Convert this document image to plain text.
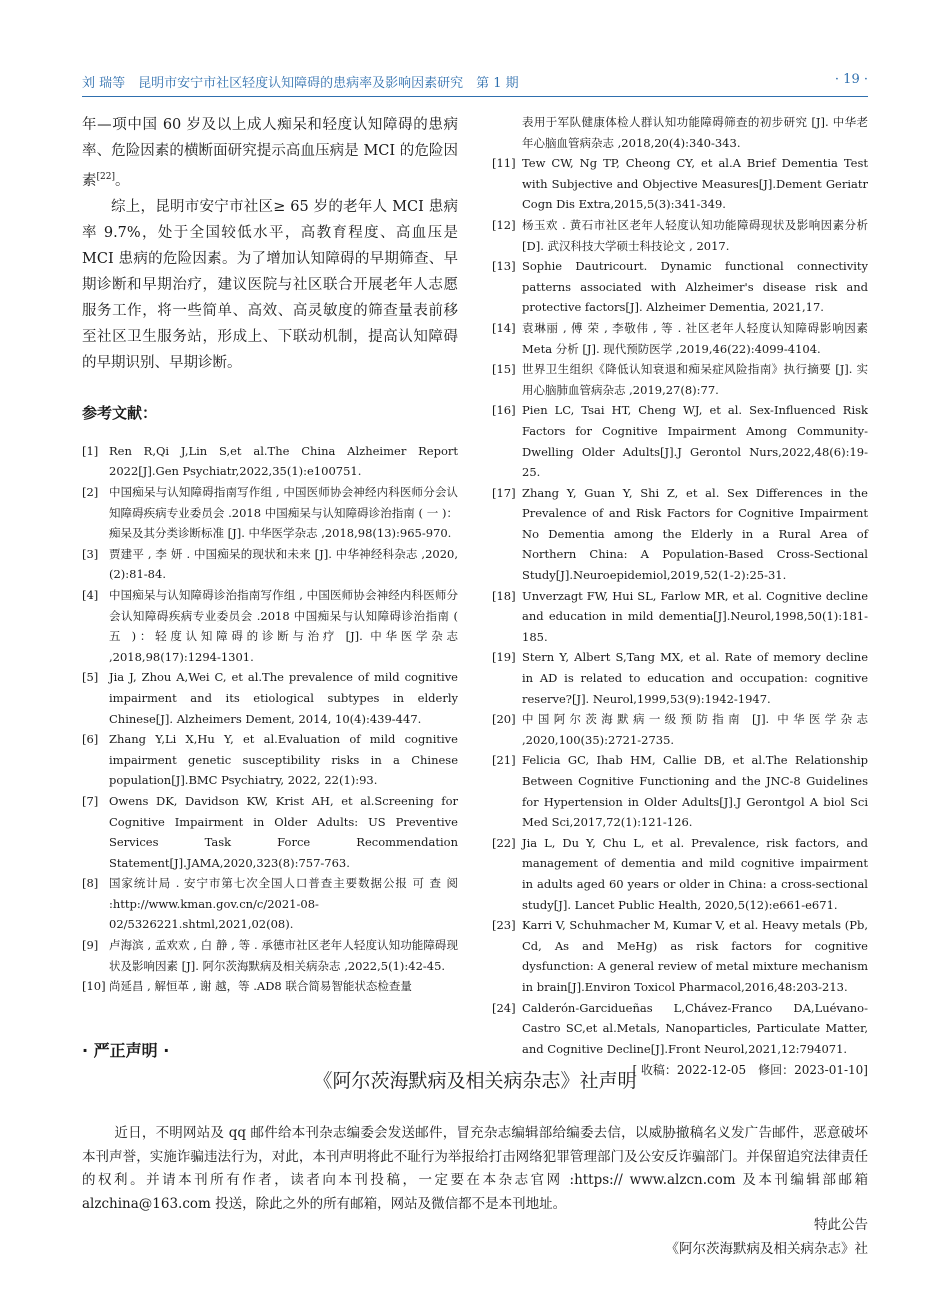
刘 瑞等　昆明市安宁市社区轻度认知障碍的患病率及影响因素研究　第 1 期	· 19 ·

年—项中国 60 岁及以上成人痴呆和轻度认知障碍的患病率、危险因素的横断面研究提示高血压病是 MCI 的危险因素[22]。

综上，昆明市安宁市社区≥ 65 岁的老年人 MCI 患病率 9.7%，处于全国较低水平，高教育程度、高血压是 MCI 患病的危险因素。为了增加认知障碍的早期筛查、早期诊断和早期治疗，建议医院与社区联合开展老年人志愿服务工作，将一些简单、高效、高灵敏度的筛查量表前移至社区卫生服务站，形成上、下联动机制，提高认知障碍的早期识别、早期诊断。

参考文献：

[1] Ren R,Qi J,Lin S,et al.The China Alzheimer Report 2022[J].Gen Psychiatr,2022,35(1):e100751.

[2] 中国痴呆与认知障碍指南写作组 , 中国医师协会神经内科医师分会认知障碍疾病专业委员会 .2018 中国痴呆与认知障碍诊治指南 ( 一 )：痴呆及其分类诊断标准 [J]. 中华医学杂志 ,2018,98(13):965-970.

[3] 贾建平 , 李 妍 . 中国痴呆的现状和未来 [J]. 中华神经科杂志 ,2020,(2):81-84.

[4] 中国痴呆与认知障碍诊治指南写作组 , 中国医师协会神经内科医师分会认知障碍疾病专业委员会 .2018 中国痴呆与认知障碍诊治指南 ( 五 )：轻度认知障碍的诊断与治疗 [J]. 中华医学杂志 ,2018,98(17):1294-1301.

[5] Jia J, Zhou A,Wei C, et al.The prevalence of mild cognitive impairment and its etiological subtypes in elderly Chinese[J]. Alzheimers Dement, 2014, 10(4):439-447.

[6] Zhang Y,Li X,Hu Y, et al.Evaluation of mild cognitive impairment genetic susceptibility risks in a Chinese population[J].BMC Psychiatry, 2022, 22(1):93.

[7] Owens DK, Davidson KW, Krist AH, et al.Screening for Cognitive Impairment in Older Adults: US Preventive Services Task Force Recommendation Statement[J].JAMA,2020,323(8):757-763.

[8] 国家统计局 . 安宁市第七次全国人口普查主要数据公报 可 查 阅 :http://www.kman.gov.cn/c/2021-08-02/5326221.shtml,2021,02(08).

[9] 卢海滨 , 孟欢欢 , 白 静 , 等 . 承德市社区老年人轻度认知功能障碍现状及影响因素 [J]. 阿尔茨海默病及相关病杂志 ,2022,5(1):42-45.

[10] 尚延昌 , 解恒革 , 谢 越，等 .AD8 联合简易智能状态检查量

表用于军队健康体检人群认知功能障碍筛查的初步研究 [J]. 中华老年心脑血管病杂志 ,2018,20(4):340-343.

[11] Tew CW, Ng TP, Cheong CY, et al.A Brief Dementia Test with Subjective and Objective Measures[J].Dement Geriatr Cogn Dis Extra,2015,5(3):341-349.

[12] 杨玉欢 . 黄石市社区老年人轻度认知功能障碍现状及影响因素分析 [D]. 武汉科技大学硕士科技论文 , 2017.

[13] Sophie Dautricourt. Dynamic functional connectivity patterns associated with Alzheimer's disease risk and protective factors[J]. Alzheimer Dementia, 2021,17.

[14] 袁琳丽 , 傅 荣 , 李敬伟 , 等 . 社区老年人轻度认知障碍影响因素 Meta 分析 [J]. 现代预防医学 ,2019,46(22):4099-4104.

[15] 世界卫生组织《降低认知衰退和痴呆症风险指南》执行摘要 [J]. 实用心脑肺血管病杂志 ,2019,27(8):77.

[16] Pien LC, Tsai HT, Cheng WJ, et al. Sex-Influenced Risk Factors for Cognitive Impairment Among Community-Dwelling Older Adults[J].J Gerontol Nurs,2022,48(6):19-25.

[17] Zhang Y, Guan Y, Shi Z, et al. Sex Differences in the Prevalence of and Risk Factors for Cognitive Impairment No Dementia among the Elderly in a Rural Area of Northern China: A Population-Based Cross-Sectional Study[J].Neuroepidemiol,2019,52(1-2):25-31.

[18] Unverzagt FW, Hui SL, Farlow MR, et al. Cognitive decline and education in mild dementia[J].Neurol,1998,50(1):181-185.

[19] Stern Y, Albert S,Tang MX, et al. Rate of memory decline in AD is related to education and occupation: cognitive reserve?[J]. Neurol,1999,53(9):1942-1947.

[20] 中国阿尔茨海默病一级预防指南 [J]. 中华医学杂志 ,2020,100(35):2721-2735.

[21] Felicia GC, Ihab HM, Callie DB, et al.The Relationship Between Cognitive Functioning and the JNC-8 Guidelines for Hypertension in Older Adults[J].J Gerontgol A biol Sci Med Sci,2017,72(1):121-126.

[22] Jia L, Du Y, Chu L, et al. Prevalence, risk factors, and management of dementia and mild cognitive impairment in adults aged 60 years or older in China: a cross-sectional study[J]. Lancet Public Health, 2020,5(12):e661-e671.

[23] Karri V, Schuhmacher M, Kumar V, et al. Heavy metals (Pb, Cd, As and MeHg) as risk factors for cognitive dysfunction: A general review of metal mixture mechanism in brain[J].Environ Toxicol Pharmacol,2016,48:203-213.

[24] Calderón-Garcidueñas L,Chávez-Franco DA,Luévano-Castro SC,et al.Metals, Nanoparticles, Particulate Matter, and Cognitive Decline[J].Front Neurol,2021,12:794071.

[ 收稿：2022-12-05　修回：2023-01-10]
· 严正声明 ·
《阿尔茨海默病及相关病杂志》社声明

近日，不明网站及 qq 邮件给本刊杂志编委会发送邮件，冒充杂志编辑部给编委去信，以威胁撤稿名义发广告邮件，恶意破坏本刊声誉，实施诈骗违法行为，对此，本刊声明将此不耻行为举报给打击网络犯罪管理部门及公安反诈骗部门。并保留追究法律责任的权利。并请本刊所有作者，读者向本刊投稿，一定要在本杂志官网 :https:// www.alzcn.com 及本刊编辑部邮箱 alzchina@163.com 投送，除此之外的所有邮箱，网站及微信都不是本刊地址。

特此公告
《阿尔茨海默病及相关病杂志》社
